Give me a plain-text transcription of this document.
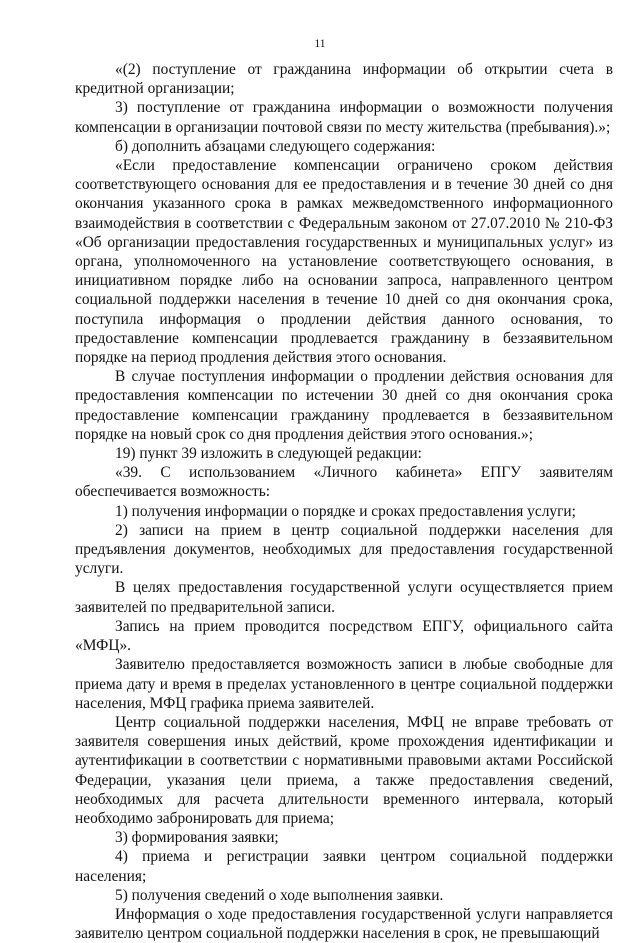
11

«(2) поступление от гражданина информации об открытии счета в кредитной организации;

3) поступление от гражданина информации о возможности получения компенсации в организации почтовой связи по месту жительства (пребывания).»;

б) дополнить абзацами следующего содержания:

«Если предоставление компенсации ограничено сроком действия соответствующего основания для ее предоставления и в течение 30 дней со дня окончания указанного срока в рамках межведомственного информационного взаимодействия в соответствии с Федеральным законом от 27.07.2010 № 210-ФЗ «Об организации предоставления государственных и муниципальных услуг» из органа, уполномоченного на установление соответствующего основания, в инициативном порядке либо на основании запроса, направленного центром социальной поддержки населения в течение 10 дней со дня окончания срока, поступила информация о продлении действия данного основания, то предоставление компенсации продлевается гражданину в беззаявительном порядке на период продления действия этого основания.

В случае поступления информации о продлении действия основания для предоставления компенсации по истечении 30 дней со дня окончания срока предоставление компенсации гражданину продлевается в беззаявительном порядке на новый срок со дня продления действия этого основания.»;

19) пункт 39 изложить в следующей редакции:

«39. С использованием «Личного кабинета» ЕПГУ заявителям обеспечивается возможность:

1) получения информации о порядке и сроках предоставления услуги;

2) записи на прием в центр социальной поддержки населения для предъявления документов, необходимых для предоставления государственной услуги.

В целях предоставления государственной услуги осуществляется прием заявителей по предварительной записи.

Запись на прием проводится посредством ЕПГУ, официального сайта «МФЦ».

Заявителю предоставляется возможность записи в любые свободные для приема дату и время в пределах установленного в центре социальной поддержки населения, МФЦ графика приема заявителей.

Центр социальной поддержки населения, МФЦ не вправе требовать от заявителя совершения иных действий, кроме прохождения идентификации и аутентификации в соответствии с нормативными правовыми актами Российской Федерации, указания цели приема, а также предоставления сведений, необходимых для расчета длительности временного интервала, который необходимо забронировать для приема;

3) формирования заявки;

4) приема и регистрации заявки центром социальной поддержки населения;

5) получения сведений о ходе выполнения заявки.

Информация о ходе предоставления государственной услуги направляется заявителю центром социальной поддержки населения в срок, не превышающий
